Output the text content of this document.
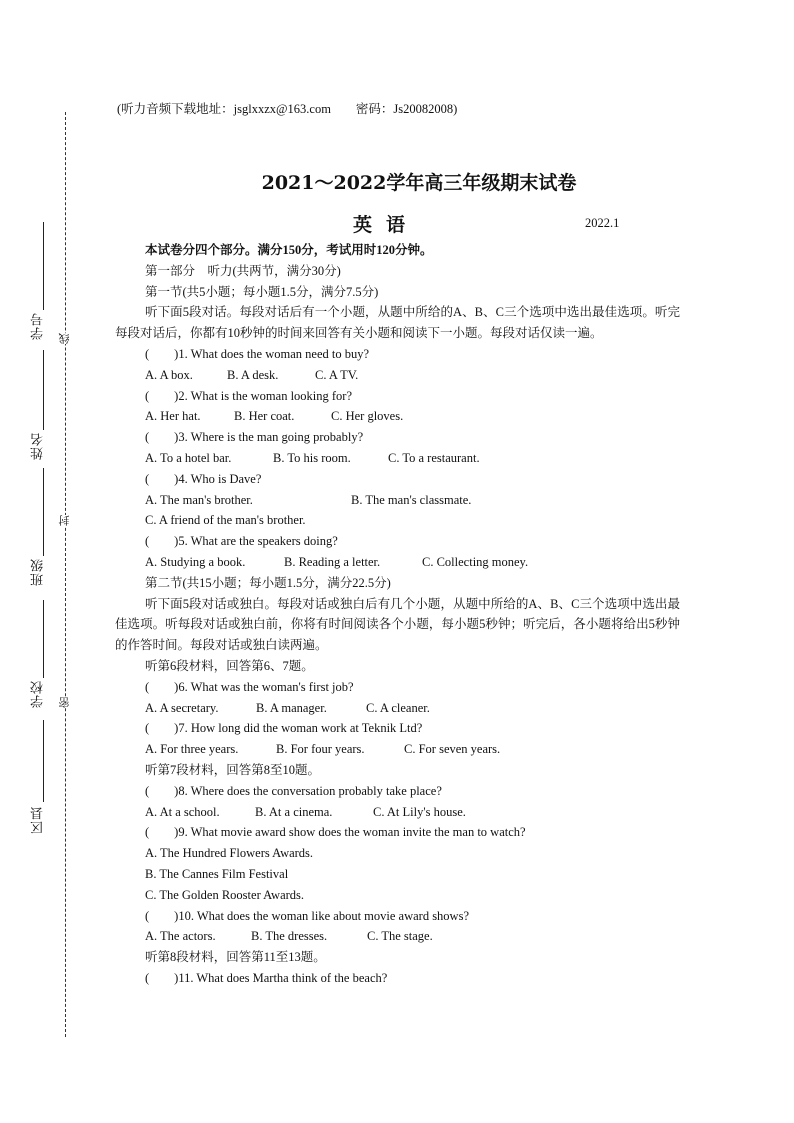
学号
姓名
班级
学校
区县
线
封
密
(听力音频下载地址：jsglxxzx@163.com　　密码：Js20082008)
2021～2022学年高三年级期末试卷
英语	2022.1
本试卷分四个部分。满分150分，考试用时120分钟。
第一部分　听力(共两节，满分30分)
第一节(共5小题；每小题1.5分，满分7.5分)
听下面5段对话。每段对话后有一个小题，从题中所给的A、B、C三个选项中选出最佳选项。听完每段对话后，你都有10秒钟的时间来回答有关小题和阅读下一小题。每段对话仅读一遍。
(　　)1. What does the woman need to buy?
A. A box.	B. A desk.	C. A TV.
(　　)2. What is the woman looking for?
A. Her hat.	B. Her coat.	C. Her gloves.
(　　)3. Where is the man going probably?
A. To a hotel bar.	B. To his room.	C. To a restaurant.
(　　)4. Who is Dave?
A. The man's brother.	B. The man's classmate.
C. A friend of the man's brother.
(　　)5. What are the speakers doing?
A. Studying a book.	B. Reading a letter.	C. Collecting money.
第二节(共15小题；每小题1.5分，满分22.5分)
听下面5段对话或独白。每段对话或独白后有几个小题，从题中所给的A、B、C三个选项中选出最佳选项。听每段对话或独白前，你将有时间阅读各个小题，每小题5秒钟；听完后，各小题将给出5秒钟的作答时间。每段对话或独白读两遍。
听第6段材料，回答第6、7题。
(　　)6. What was the woman's first job?
A. A secretary.	B. A manager.	C. A cleaner.
(　　)7. How long did the woman work at Teknik Ltd?
A. For three years.	B. For four years.	C. For seven years.
听第7段材料，回答第8至10题。
(　　)8. Where does the conversation probably take place?
A. At a school.	B. At a cinema.	C. At Lily's house.
(　　)9. What movie award show does the woman invite the man to watch?
A. The Hundred Flowers Awards.
B. The Cannes Film Festival
C. The Golden Rooster Awards.
(　　)10. What does the woman like about movie award shows?
A. The actors.	B. The dresses.	C. The stage.
听第8段材料，回答第11至13题。
(　　)11. What does Martha think of the beach?
